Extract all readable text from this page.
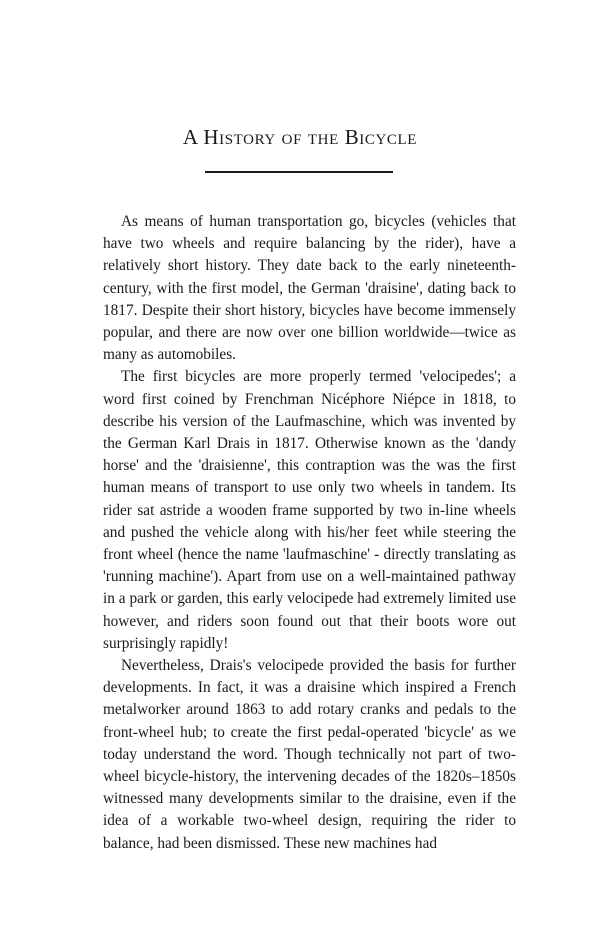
A History of the Bicycle

As means of human transportation go, bicycles (vehicles that have two wheels and require balancing by the rider), have a relatively short history. They date back to the early nineteenth-century, with the first model, the German 'draisine', dating back to 1817. Despite their short history, bicycles have become immensely popular, and there are now over one billion worldwide—twice as many as automobiles.

The first bicycles are more properly termed 'velocipedes'; a word first coined by Frenchman Nicéphore Niépce in 1818, to describe his version of the Laufmaschine, which was invented by the German Karl Drais in 1817. Otherwise known as the 'dandy horse' and the 'draisienne', this contraption was the was the first human means of transport to use only two wheels in tandem. Its rider sat astride a wooden frame supported by two in-line wheels and pushed the vehicle along with his/her feet while steering the front wheel (hence the name 'laufmaschine' - directly translating as 'running machine'). Apart from use on a well-maintained pathway in a park or garden, this early velocipede had extremely limited use however, and riders soon found out that their boots wore out surprisingly rapidly!

Nevertheless, Drais's velocipede provided the basis for further developments. In fact, it was a draisine which inspired a French metalworker around 1863 to add rotary cranks and pedals to the front-wheel hub; to create the first pedal-operated 'bicycle' as we today understand the word. Though technically not part of two-wheel bicycle-history, the intervening decades of the 1820s–1850s witnessed many developments similar to the draisine, even if the idea of a workable two-wheel design, requiring the rider to balance, had been dismissed. These new machines had
